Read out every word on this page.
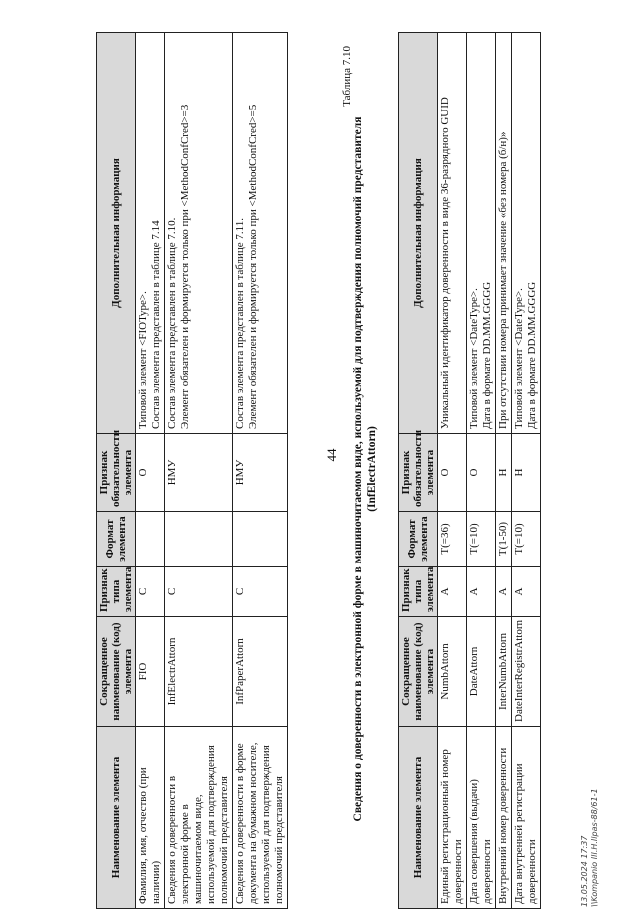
44
Наименование элемента	Сокращенное наименование (код) элемента	Признак типа элемента	Формат элемента	Признак обязательности элемента	Дополнительная информация
Фамилия, имя, отчество (при наличии)	FIO	С		О	Типовой элемент <FIOType>.
Состав элемента представлен в таблице 7.14
Сведения о доверенности в электронной форме в машиночитаемом виде, используемой для подтверждения полномочий представителя	InfElectrAttorn	С		НМУ	Состав элемента представлен в таблице 7.10.
Элемент обязателен и формируется только при <MethodConfCred>=3
Сведения о доверенности в форме документа на бумажном носителе, используемой для подтверждения полномочий представителя	InfPaperAttorn	С		НМУ	Состав элемента представлен в таблице 7.11.
Элемент обязателен и формируется только при <MethodConfCred>=5
Таблица 7.10
Сведения о доверенности в электронной форме в машиночитаемом виде, используемой для подтверждения полномочий представителя (InfElectrAttorn)
Наименование элемента	Сокращенное наименование (код) элемента	Признак типа элемента	Формат элемента	Признак обязательности элемента	Дополнительная информация
Единый регистрационный номер доверенности	NumbAttorn	А	T(=36)	О	Уникальный идентификатор доверенности в виде 36-разрядного GUID
Дата совершения (выдачи) доверенности	DateAttorn	А	T(=10)	О	Типовой элемент <DateType>.
Дата в формате DD.MM.GGGG
Внутренний номер доверенности	InterNumbAttorn	А	T(1-50)	Н	При отсутствии номера принимает значение «без номера (б/н)»
Дата внутренней регистрации доверенности	DateInterRegistrAttorn	А	T(=10)	Н	Типовой элемент <DateType>.
Дата в формате DD.MM.GGGG
13.05.2024 17:37 \\Kompanio III.H.Ilpas-88/61-1
